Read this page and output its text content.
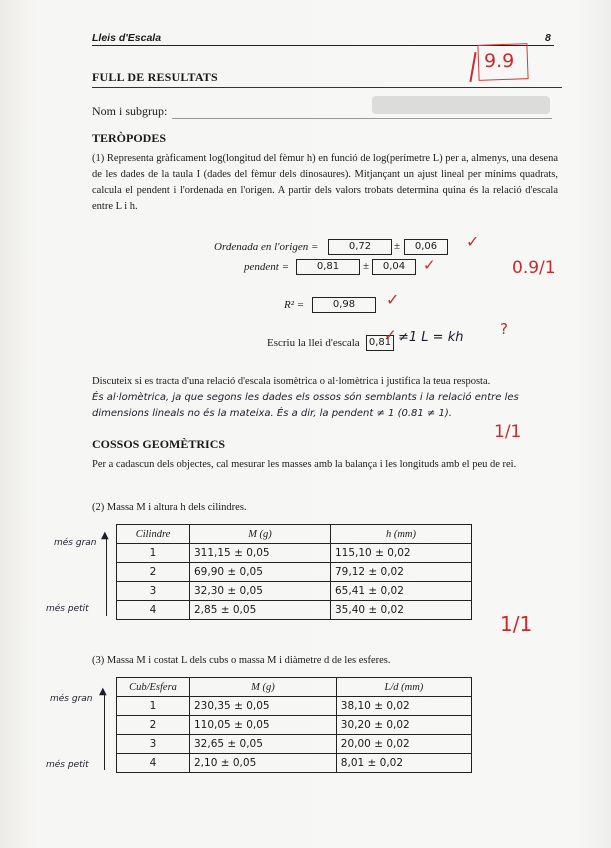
Lleis d'Escala	8
9.9
FULL DE RESULTATS
Nom i subgrup:
TERÒPODES
(1) Representa gràficament log(longitud del fèmur h) en funció de log(perímetre L) per a, almenys, una desena de les dades de la taula I (dades del fèmur dels dinosaures). Mitjançant un ajust lineal per mínims quadrats, calcula el pendent i l'ordenada en l'origen. A partir dels valors trobats determina quina és la relació d'escala entre L i h.
Ordenada en l'origen =	0,72	±	0,06	✓
pendent =	0,81	±	0,04	✓	0.9/1
R² =	0,98	✓
Escriu la llei d'escala 0,81
✓ ≠1 L = kh ?
Discuteix si es tracta d'una relació d'escala isomètrica o al·lomètrica i justifica la teua resposta.
És al·lomètrica, ja que segons les dades els ossos són semblants i la relació entre les
dimensions lineals no és la mateixa. És a dir, la pendent ≠ 1 (0.81 ≠ 1).
1/1
COSSOS GEOMÈTRICS
Per a cadascun dels objectes, cal mesurar les masses amb la balança i les longituds amb el peu de rei.
(2) Massa M i altura h dels cilindres.
més gran
▲
més petit
Cilindre	M (g)	h (mm)
1	311,15 ± 0,05	115,10 ± 0,02
2	69,90 ± 0,05	79,12 ± 0,02
3	32,30 ± 0,05	65,41 ± 0,02
4	2,85 ± 0,05	35,40 ± 0,02
1/1
(3) Massa M i costat L dels cubs o massa M i diàmetre d de les esferes.
més gran
▲
més petit
Cub/Esfera	M (g)	L/d (mm)
1	230,35 ± 0,05	38,10 ± 0,02
2	110,05 ± 0,05	30,20 ± 0,02
3	32,65 ± 0,05	20,00 ± 0,02
4	2,10 ± 0,05	8,01 ± 0,02
